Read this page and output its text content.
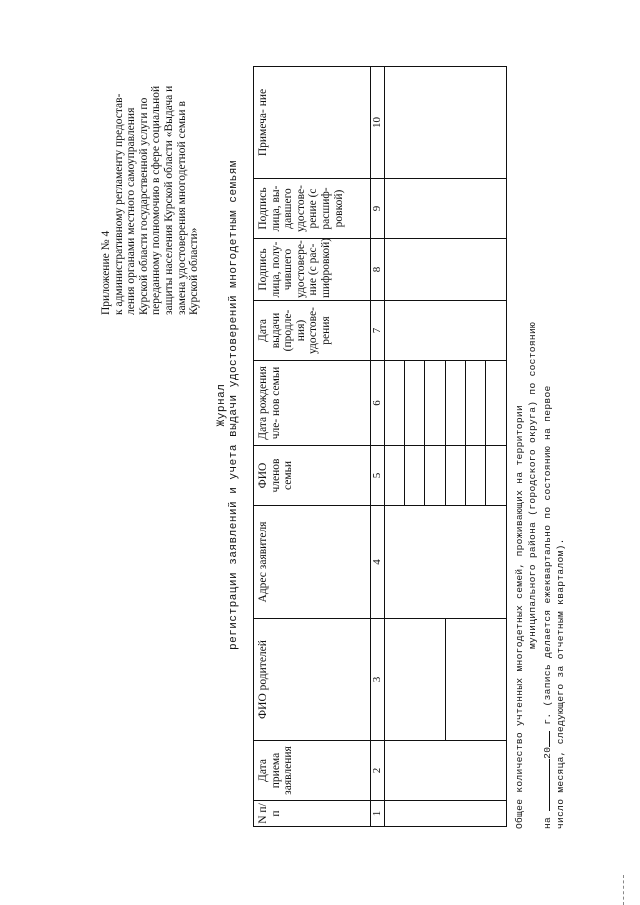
Приложение № 4 к административному регламенту предостав- ления органами местного самоуправления Курской области государственной услуги по переданному полномочию в сфере социальной защиты населения Курской области «Выдача и замена удостоверения многодетной семьи в Курской области»
Журнал регистрации заявлений и учета выдачи удостоверений многодетным семьям
N п/п	Дата приема заявления	ФИО родителей	Адрес заявителя	ФИО членов семьи	Дата рождения чле- нов семьи	Дата выдачи (продле- ния) удостове- рения	Подпись лица, полу- чившего удостовере- ние (с рас- шифровкой)	Подпись лица, вы- давшего удостове- рение (с расшиф- ровкой)	Примеча- ние
1	2	3	4	5	6	7	8	9	10

Общее количество учтенных многодетных семей, проживающих на территории муниципального района (городского округа) по состоянию
на 20 г. (запись делается ежеквартально по состоянию на первое число месяца, следующего за отчетным кварталом).
